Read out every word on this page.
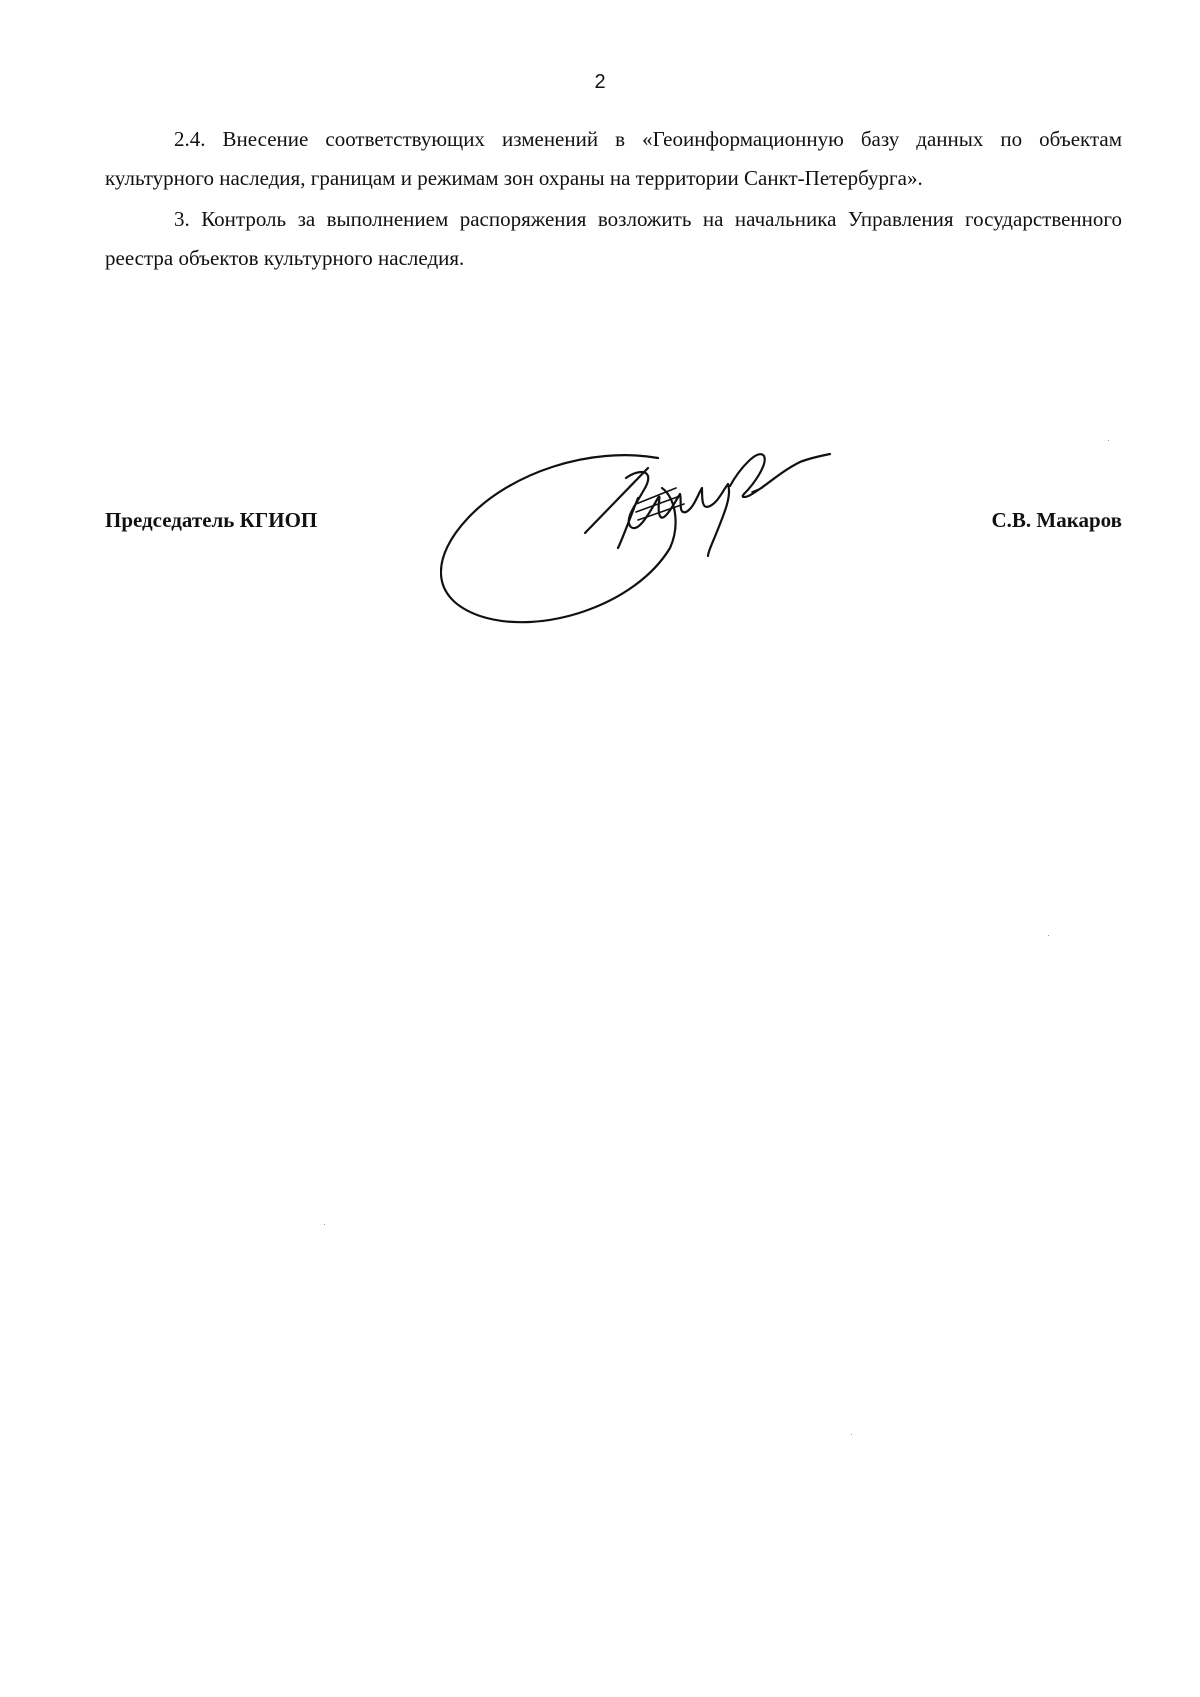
2

2.4. Внесение соответствующих изменений в «Геоинформационную базу данных по объектам культурного наследия, границам и режимам зон охраны на территории Санкт-Петербурга».

3. Контроль за выполнением распоряжения возложить на начальника Управления государственного реестра объектов культурного наследия.

Председатель КГИОП	С.В. Макаров
